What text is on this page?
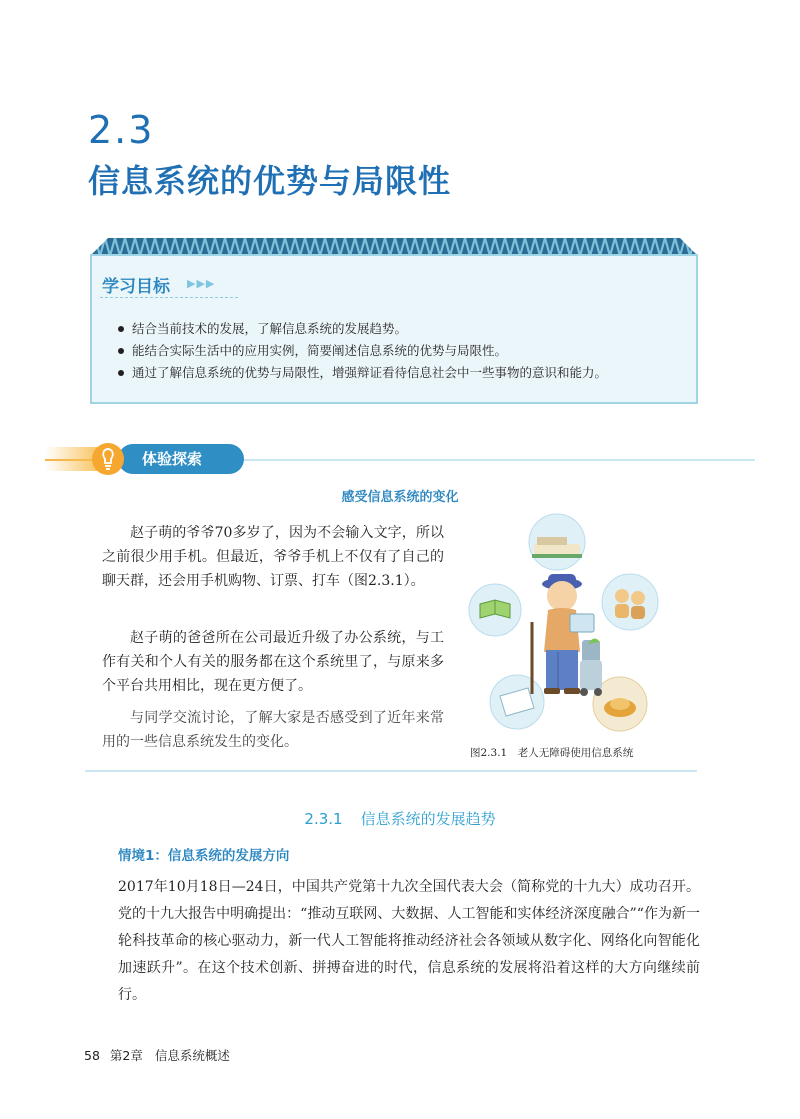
2.3
信息系统的优势与局限性
学习目标 ▶▶▶
结合当前技术的发展，了解信息系统的发展趋势。
能结合实际生活中的应用实例，简要阐述信息系统的优势与局限性。
通过了解信息系统的优势与局限性，增强辩证看待信息社会中一些事物的意识和能力。
体验探索
感受信息系统的变化

赵子萌的爷爷70多岁了，因为不会输入文字，所以之前很少用手机。但最近，爷爷手机上不仅有了自己的聊天群，还会用手机购物、订票、打车（图2.3.1）。

赵子萌的爸爸所在公司最近升级了办公系统，与工作有关和个人有关的服务都在这个系统里了，与原来多个平台共用相比，现在更方便了。

与同学交流讨论，了解大家是否感受到了近年来常用的一些信息系统发生的变化。

图2.3.1　老人无障碍使用信息系统
2.3.1 信息系统的发展趋势
情境1：信息系统的发展方向

2017年10月18日—24日，中国共产党第十九次全国代表大会（简称党的十九大）成功召开。党的十九大报告中明确提出：“推动互联网、大数据、人工智能和实体经济深度融合”“作为新一轮科技革命的核心驱动力，新一代人工智能将推动经济社会各领域从数字化、网络化向智能化加速跃升”。在这个技术创新、拼搏奋进的时代，信息系统的发展将沿着这样的大方向继续前行。

58 第2章 信息系统概述
